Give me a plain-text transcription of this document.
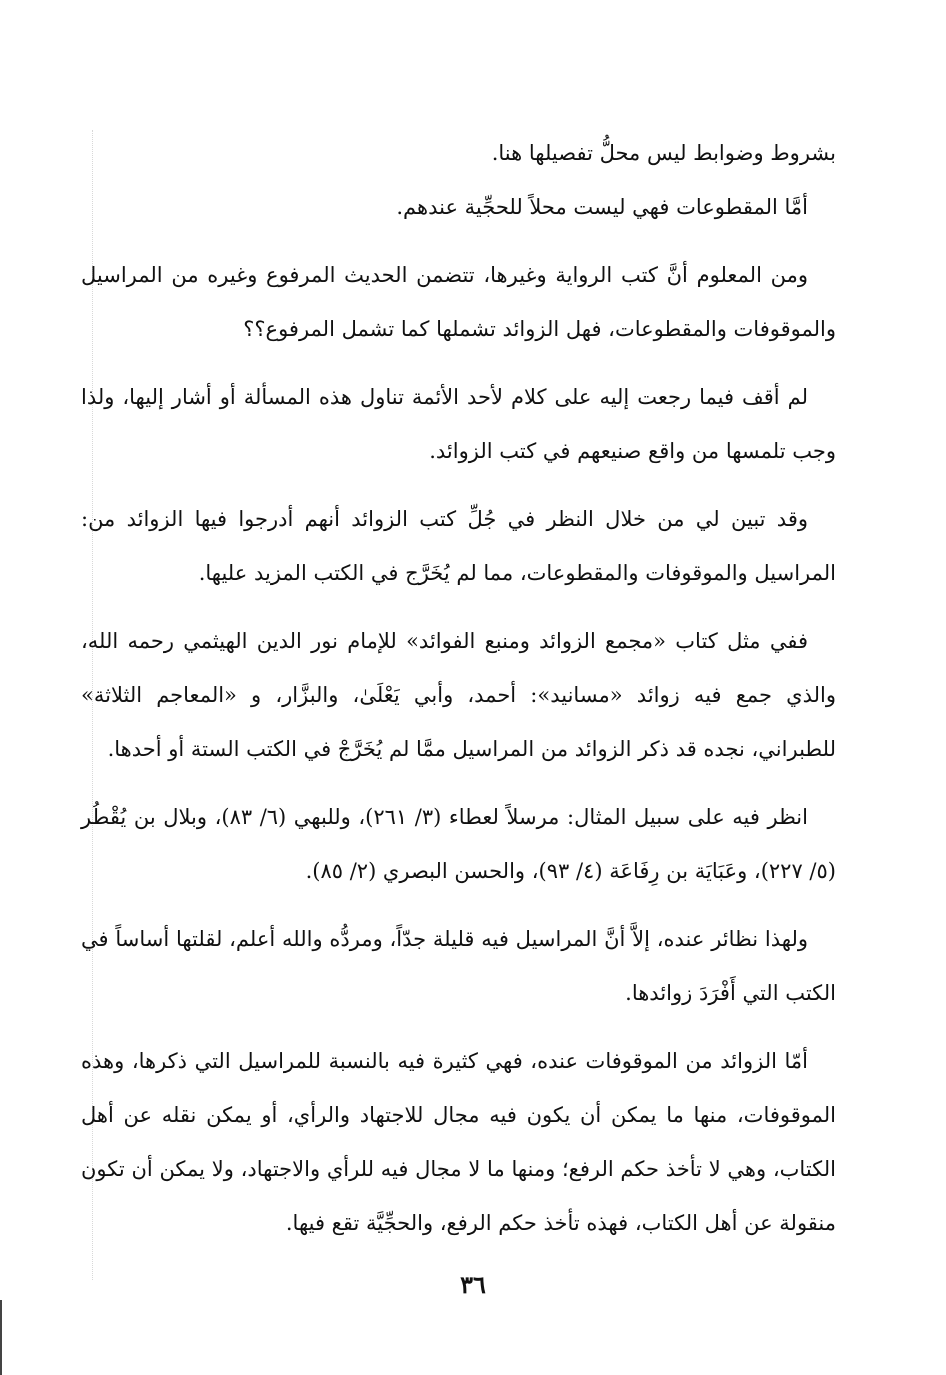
بشروط وضوابط ليس محلُّ تفصيلها هنا.

أمَّا المقطوعات فهي ليست محلاً للحجِّية عندهم.

ومن المعلوم أنَّ كتب الرواية وغيرها، تتضمن الحديث المرفوع وغيره من المراسيل والموقوفات والمقطوعات، فهل الزوائد تشملها كما تشمل المرفوع؟؟

لم أقف فيما رجعت إليه على كلام لأحد الأئمة تناول هذه المسألة أو أشار إليها، ولذا وجب تلمسها من واقع صنيعهم في كتب الزوائد.

وقد تبين لي من خلال النظر في جُلِّ كتب الزوائد أنهم أدرجوا فيها الزوائد من: المراسيل والموقوفات والمقطوعات، مما لم يُخَرَّج في الكتب المزيد عليها.

ففي مثل كتاب «مجمع الزوائد ومنبع الفوائد» للإمام نور الدين الهيثمي رحمه الله، والذي جمع فيه زوائد «مسانيد»: أحمد، وأبي يَعْلَىٰ، والبزَّار، و «المعاجم الثلاثة» للطبراني، نجده قد ذكر الزوائد من المراسيل ممَّا لم يُخَرَّجْ في الكتب الستة أو أحدها.

انظر فيه على سبيل المثال: مرسلاً لعطاء (٣/ ٢٦١)، وللبهي (٦/ ٨٣)، وبلال بن يُقْطُر (٥/ ٢٢٧)، وعَبَايَة بن رِفَاعَة (٤/ ٩٣)، والحسن البصري (٢/ ٨٥).

ولهذا نظائر عنده، إلاَّ أنَّ المراسيل فيه قليلة جدّاً، ومردُّه والله أعلم، لقلتها أساساً في الكتب التي أَفْرَدَ زوائدها.

أمّا الزوائد من الموقوفات عنده، فهي كثيرة فيه بالنسبة للمراسيل التي ذكرها، وهذه الموقوفات، منها ما يمكن أن يكون فيه مجال للاجتهاد والرأي، أو يمكن نقله عن أهل الكتاب، وهي لا تأخذ حكم الرفع؛ ومنها ما لا مجال فيه للرأي والاجتهاد، ولا يمكن أن تكون منقولة عن أهل الكتاب، فهذه تأخذ حكم الرفع، والحجِّيَّة تقع فيها.

٣٦
